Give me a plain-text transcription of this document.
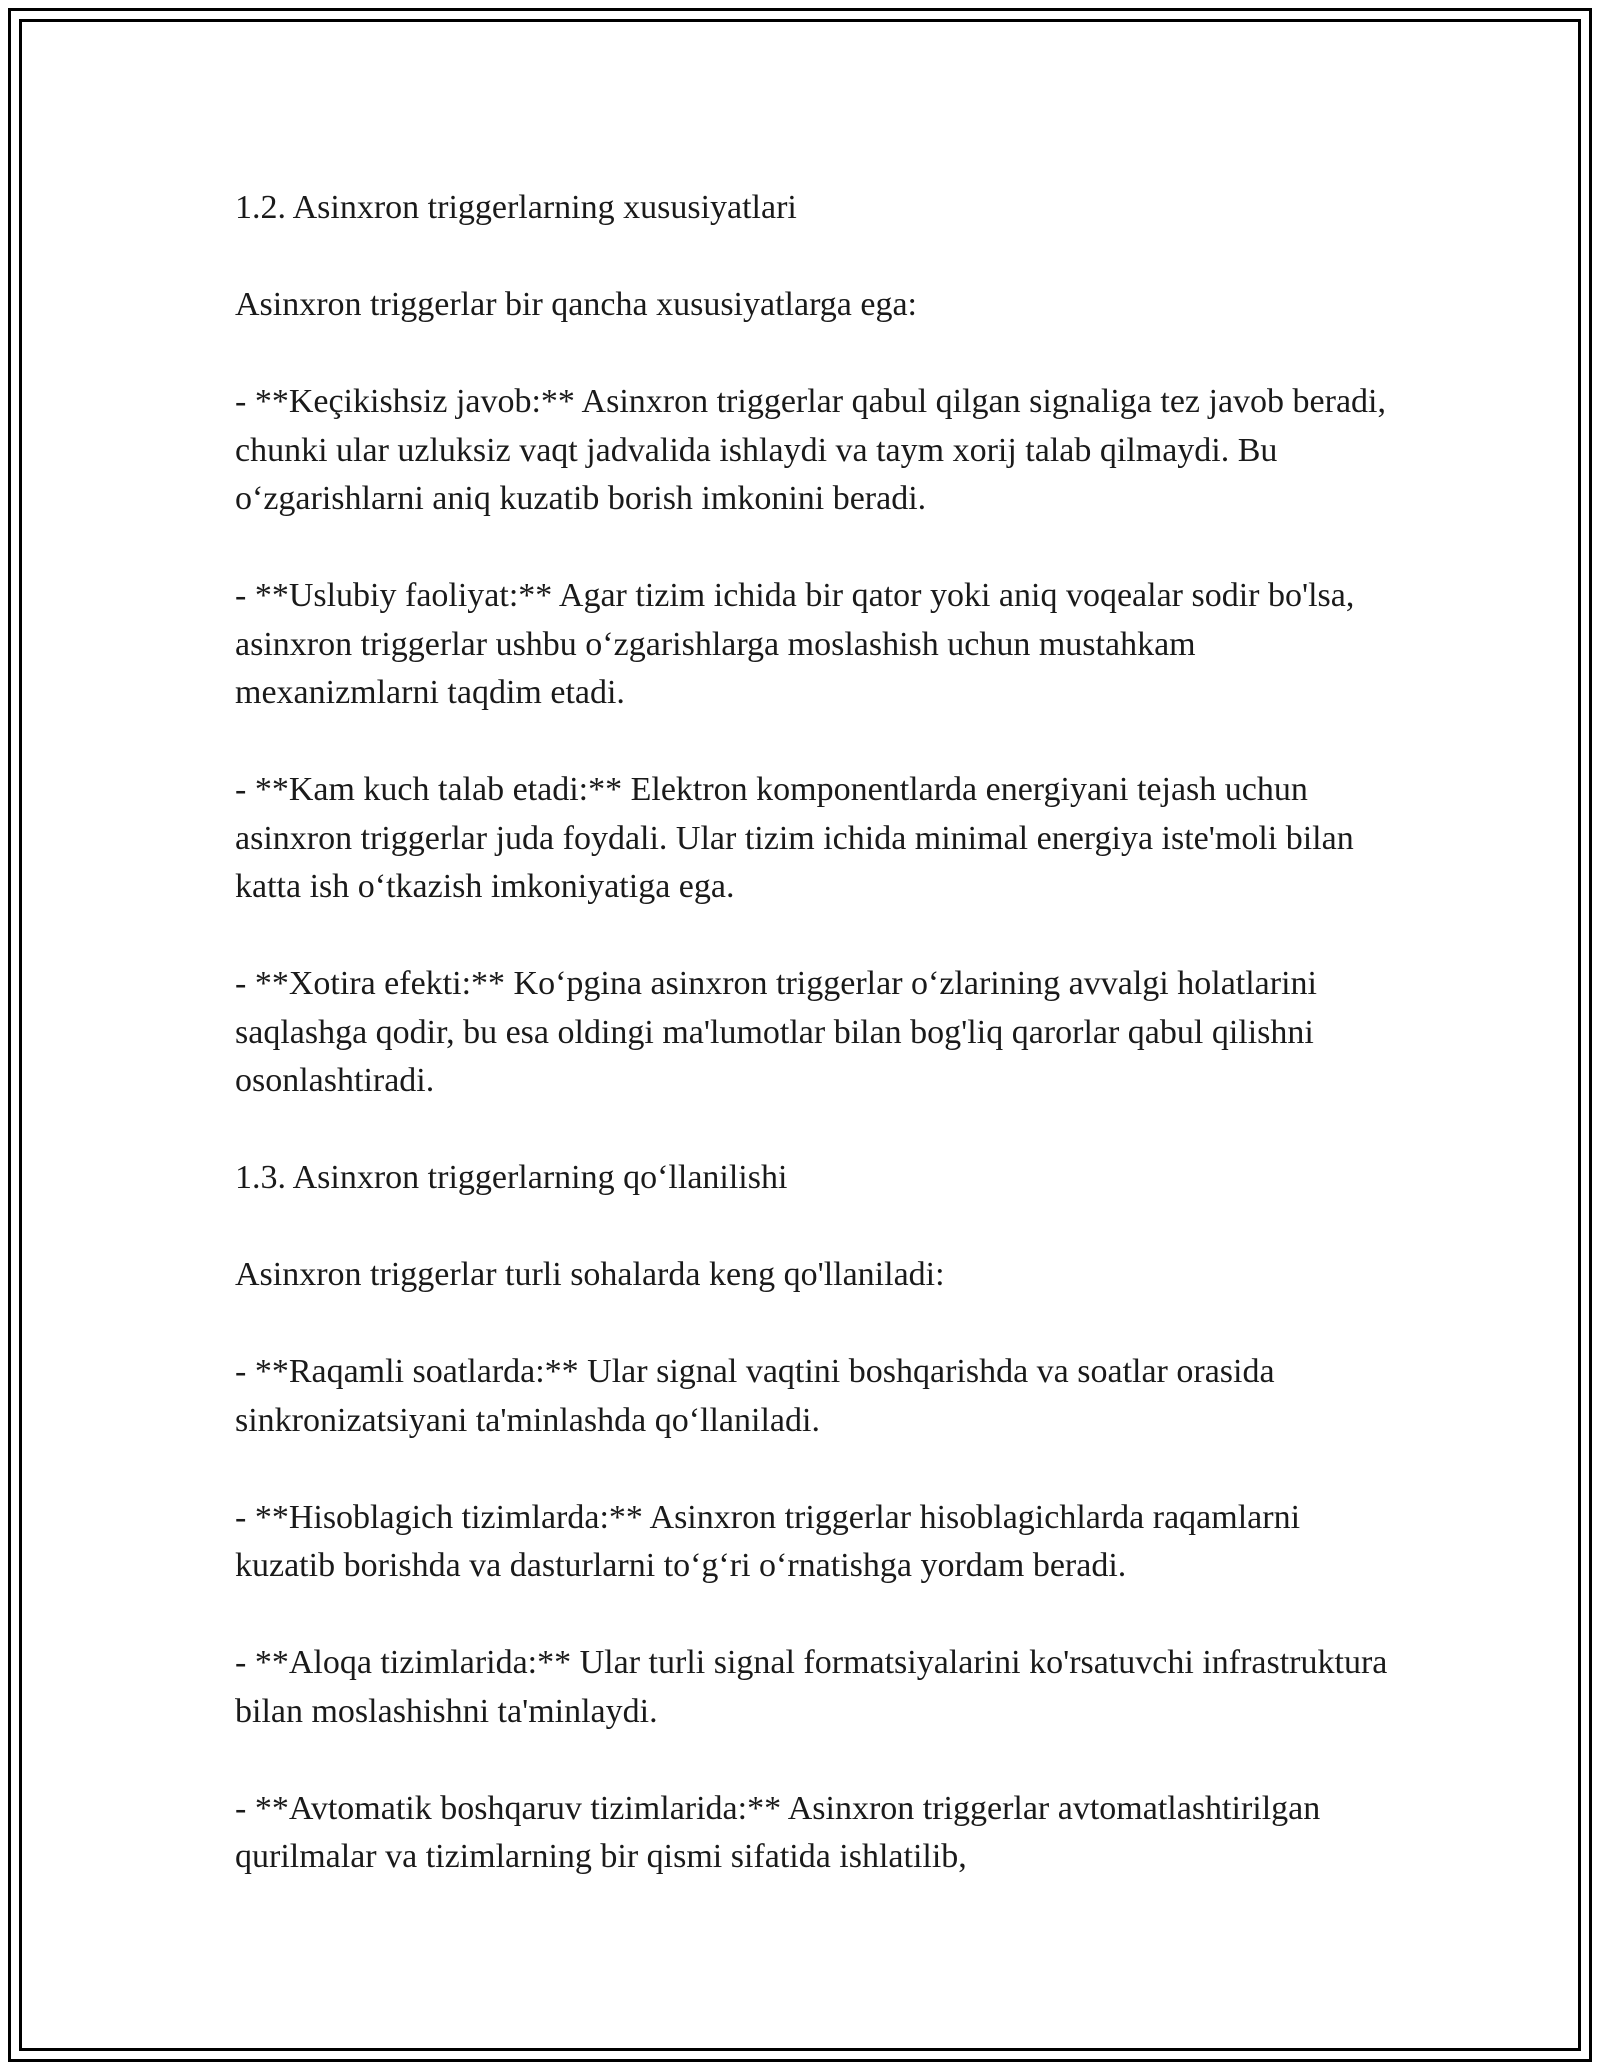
1.2. Asinxron triggerlarning xususiyatlari

Asinxron triggerlar bir qancha xususiyatlarga ega:

- **Keçikishsiz javob:** Asinxron triggerlar qabul qilgan signaliga tez javob beradi, chunki ular uzluksiz vaqt jadvalida ishlaydi va taym xorij talab qilmaydi. Bu oʻzgarishlarni aniq kuzatib borish imkonini beradi.

- **Uslubiy faoliyat:** Agar tizim ichida bir qator yoki aniq voqealar sodir bo'lsa, asinxron triggerlar ushbu oʻzgarishlarga moslashish uchun mustahkam mexanizmlarni taqdim etadi.

- **Kam kuch talab etadi:** Elektron komponentlarda energiyani tejash uchun asinxron triggerlar juda foydali. Ular tizim ichida minimal energiya iste'moli bilan katta ish oʻtkazish imkoniyatiga ega.

- **Xotira efekti:** Koʻpgina asinxron triggerlar oʻzlarining avvalgi holatlarini saqlashga qodir, bu esa oldingi ma'lumotlar bilan bog'liq qarorlar qabul qilishni osonlashtiradi.

1.3. Asinxron triggerlarning qoʻllanilishi

Asinxron triggerlar turli sohalarda keng qo'llaniladi:

- **Raqamli soatlarda:** Ular signal vaqtini boshqarishda va soatlar orasida sinkronizatsiyani ta'minlashda qoʻllaniladi.

- **Hisoblagich tizimlarda:** Asinxron triggerlar hisoblagichlarda raqamlarni kuzatib borishda va dasturlarni toʻgʻri oʻrnatishga yordam beradi.

- **Aloqa tizimlarida:** Ular turli signal formatsiyalarini ko'rsatuvchi infrastruktura bilan moslashishni ta'minlaydi.

- **Avtomatik boshqaruv tizimlarida:** Asinxron triggerlar avtomatlashtirilgan qurilmalar va tizimlarning bir qismi sifatida ishlatilib,
